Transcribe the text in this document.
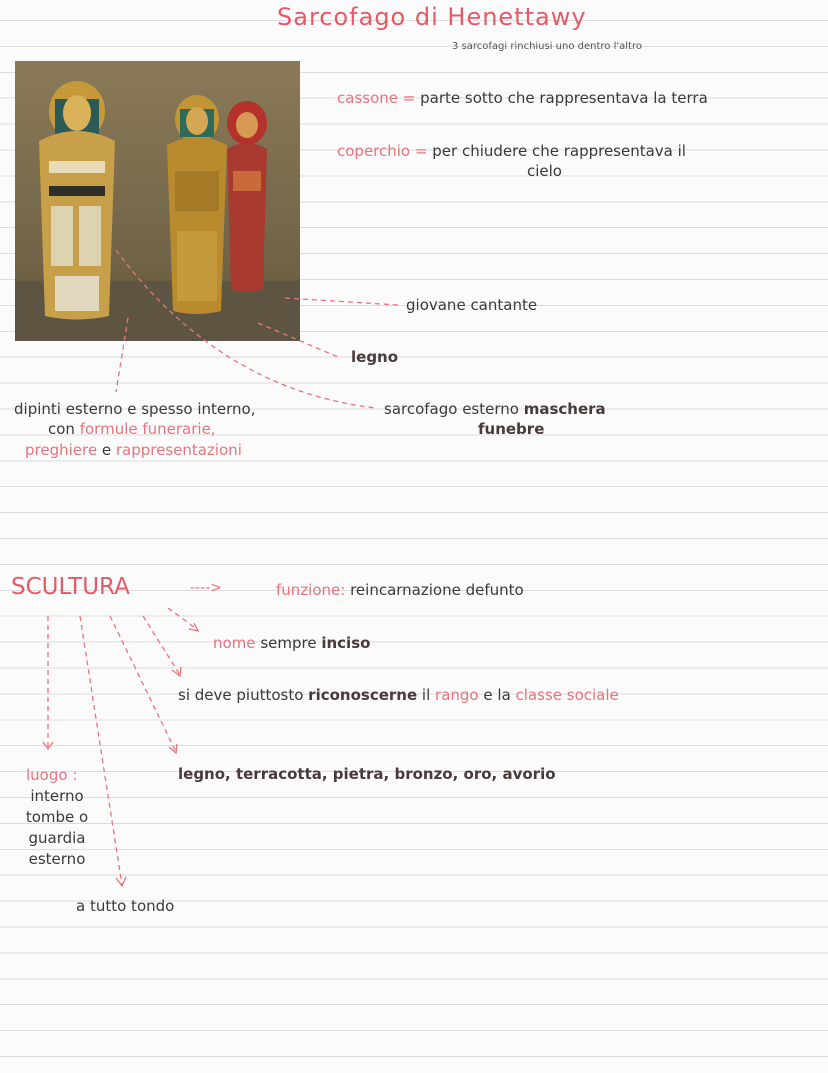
Sarcofago di Henettawy
3 sarcofagi rinchiusi uno dentro l'altro
cassone = parte sotto che rappresentava la terra
coperchio = per chiudere che rappresentava il
cielo
giovane cantante
legno
dipinti esterno e spesso interno,
con formule funerarie,
preghiere e rappresentazioni
sarcofago esterno maschera
funebre
SCULTURA	---->	funzione: reincarnazione defunto
nome sempre inciso
si deve piuttosto riconoscerne il rango e la classe sociale
legno, terracotta, pietra, bronzo, oro, avorio
luogo :
interno
tombe o
guardia
esterno
a tutto tondo
